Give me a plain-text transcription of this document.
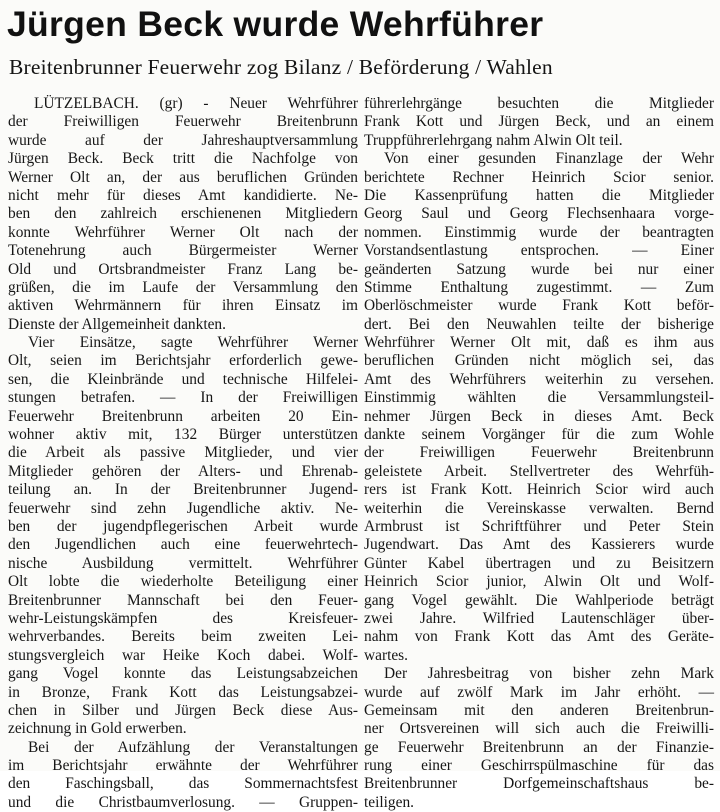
Jürgen Beck wurde Wehrführer
Breitenbrunner Feuerwehr zog Bilanz / Beförderung / Wahlen
LÜTZELBACH. (gr) - Neuer Wehrführer
der Freiwilligen Feuerwehr Breitenbrunn
wurde auf der Jahreshauptversammlung
Jürgen Beck. Beck tritt die Nachfolge von
Werner Olt an, der aus beruflichen Gründen
nicht mehr für dieses Amt kandidierte. Ne-
ben den zahlreich erschienenen Mitgliedern
konnte Wehrführer Werner Olt nach der
Totenehrung auch Bürgermeister Werner
Old und Ortsbrandmeister Franz Lang be-
grüßen, die im Laufe der Versammlung den
aktiven Wehrmännern für ihren Einsatz im
Dienste der Allgemeinheit dankten.
Vier Einsätze, sagte Wehrführer Werner
Olt, seien im Berichtsjahr erforderlich gewe-
sen, die Kleinbrände und technische Hilfelei-
stungen betrafen. — In der Freiwilligen
Feuerwehr Breitenbrunn arbeiten 20 Ein-
wohner aktiv mit, 132 Bürger unterstützen
die Arbeit als passive Mitglieder, und vier
Mitglieder gehören der Alters- und Ehrenab-
teilung an. In der Breitenbrunner Jugend-
feuerwehr sind zehn Jugendliche aktiv. Ne-
ben der jugendpflegerischen Arbeit wurde
den Jugendlichen auch eine feuerwehrtech-
nische Ausbildung vermittelt. Wehrführer
Olt lobte die wiederholte Beteiligung einer
Breitenbrunner Mannschaft bei den Feuer-
wehr-Leistungskämpfen des Kreisfeuer-
wehrverbandes. Bereits beim zweiten Lei-
stungsvergleich war Heike Koch dabei. Wolf-
gang Vogel konnte das Leistungsabzeichen
in Bronze, Frank Kott das Leistungsabzei-
chen in Silber und Jürgen Beck diese Aus-
zeichnung in Gold erwerben.
Bei der Aufzählung der Veranstaltungen
im Berichtsjahr erwähnte der Wehrführer
den Faschingsball, das Sommernachtsfest
und die Christbaumverlosung. — Gruppen-
führerlehrgänge besuchten die Mitglieder
Frank Kott und Jürgen Beck, und an einem
Truppführerlehrgang nahm Alwin Olt teil.
Von einer gesunden Finanzlage der Wehr
berichtete Rechner Heinrich Scior senior.
Die Kassenprüfung hatten die Mitglieder
Georg Saul und Georg Flechsenhaara vorge-
nommen. Einstimmig wurde der beantragten
Vorstandsentlastung entsprochen. — Einer
geänderten Satzung wurde bei nur einer
Stimme Enthaltung zugestimmt. — Zum
Oberlöschmeister wurde Frank Kott beför-
dert. Bei den Neuwahlen teilte der bisherige
Wehrführer Werner Olt mit, daß es ihm aus
beruflichen Gründen nicht möglich sei, das
Amt des Wehrführers weiterhin zu versehen.
Einstimmig wählten die Versammlungsteil-
nehmer Jürgen Beck in dieses Amt. Beck
dankte seinem Vorgänger für die zum Wohle
der Freiwilligen Feuerwehr Breitenbrunn
geleistete Arbeit. Stellvertreter des Wehrfüh-
rers ist Frank Kott. Heinrich Scior wird auch
weiterhin die Vereinskasse verwalten. Bernd
Armbrust ist Schriftführer und Peter Stein
Jugendwart. Das Amt des Kassierers wurde
Günter Kabel übertragen und zu Beisitzern
Heinrich Scior junior, Alwin Olt und Wolf-
gang Vogel gewählt. Die Wahlperiode beträgt
zwei Jahre. Wilfried Lautenschläger über-
nahm von Frank Kott das Amt des Geräte-
wartes.
Der Jahresbeitrag von bisher zehn Mark
wurde auf zwölf Mark im Jahr erhöht. —
Gemeinsam mit den anderen Breitenbrun-
ner Ortsvereinen will sich auch die Freiwilli-
ge Feuerwehr Breitenbrunn an der Finanzie-
rung einer Geschirrspülmaschine für das
Breitenbrunner Dorfgemeinschaftshaus be-
teiligen.
